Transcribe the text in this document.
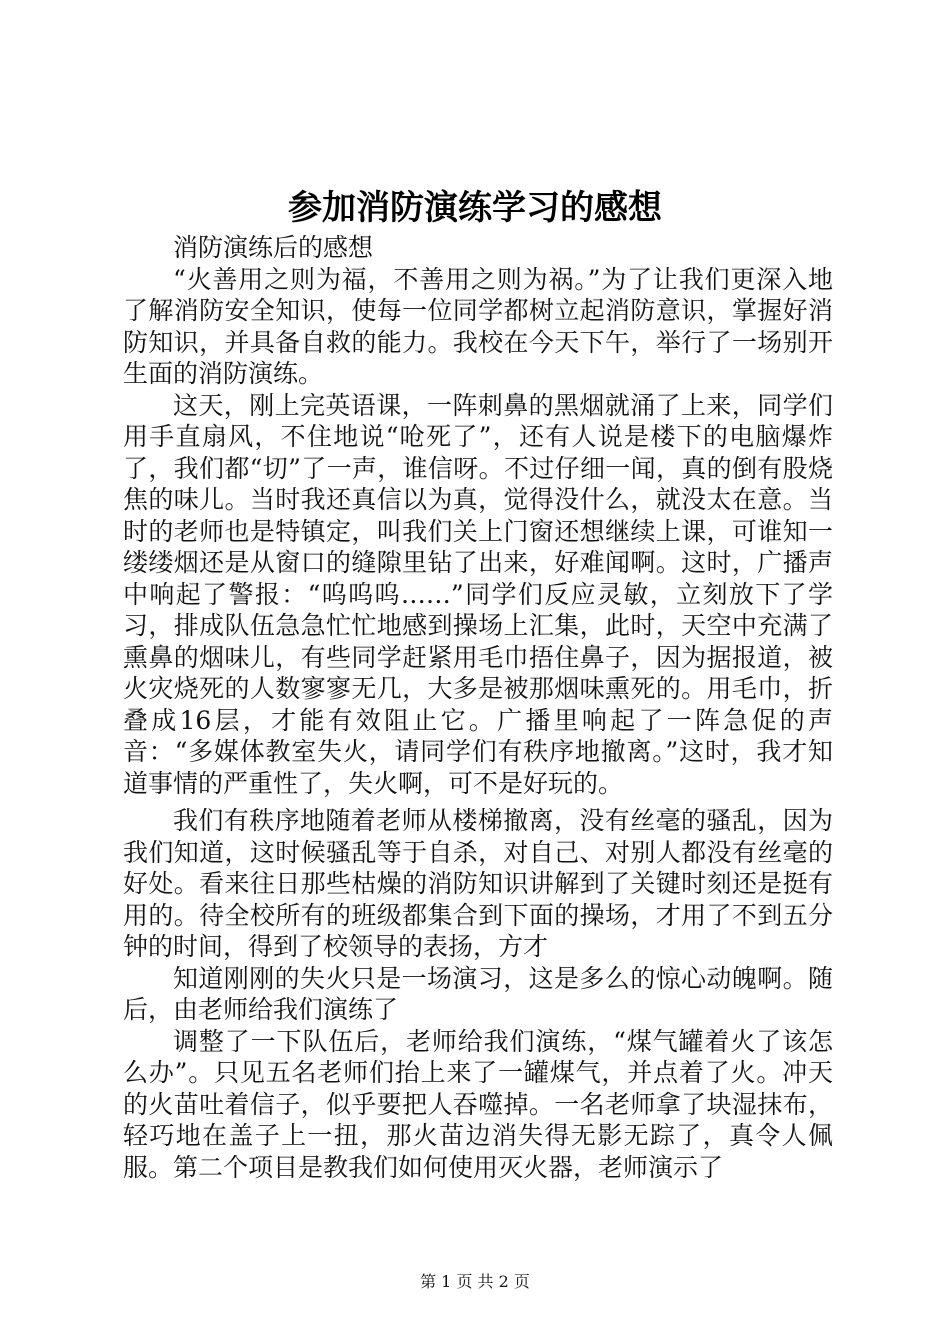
参加消防演练学习的感想

消防演练后的感想

“火善用之则为福，不善用之则为祸。”为了让我们更深入地了解消防安全知识，使每一位同学都树立起消防意识，掌握好消防知识，并具备自救的能力。我校在今天下午，举行了一场别开生面的消防演练。

这天，刚上完英语课，一阵刺鼻的黑烟就涌了上来，同学们用手直扇风，不住地说“呛死了”，还有人说是楼下的电脑爆炸了，我们都“切”了一声，谁信呀。不过仔细一闻，真的倒有股烧焦的味儿。当时我还真信以为真，觉得没什么，就没太在意。当时的老师也是特镇定，叫我们关上门窗还想继续上课，可谁知一缕缕烟还是从窗口的缝隙里钻了出来，好难闻啊。这时，广播声中响起了警报：“呜呜呜……”同学们反应灵敏，立刻放下了学习，排成队伍急急忙忙地感到操场上汇集，此时，天空中充满了熏鼻的烟味儿，有些同学赶紧用毛巾捂住鼻子，因为据报道，被火灾烧死的人数寥寥无几，大多是被那烟味熏死的。用毛巾，折叠成16层，才能有效阻止它。广播里响起了一阵急促的声音：“多媒体教室失火，请同学们有秩序地撤离。”这时，我才知道事情的严重性了，失火啊，可不是好玩的。

我们有秩序地随着老师从楼梯撤离，没有丝毫的骚乱，因为我们知道，这时候骚乱等于自杀，对自己、对别人都没有丝毫的好处。看来往日那些枯燥的消防知识讲解到了关键时刻还是挺有用的。待全校所有的班级都集合到下面的操场，才用了不到五分钟的时间，得到了校领导的表扬，方才

知道刚刚的失火只是一场演习，这是多么的惊心动魄啊。随后，由老师给我们演练了

调整了一下队伍后，老师给我们演练，“煤气罐着火了该怎么办”。只见五名老师们抬上来了一罐煤气，并点着了火。冲天的火苗吐着信子，似乎要把人吞噬掉。一名老师拿了块湿抹布，轻巧地在盖子上一扭，那火苗边消失得无影无踪了，真令人佩服。第二个项目是教我们如何使用灭火器，老师演示了

第 1 页 共 2 页
